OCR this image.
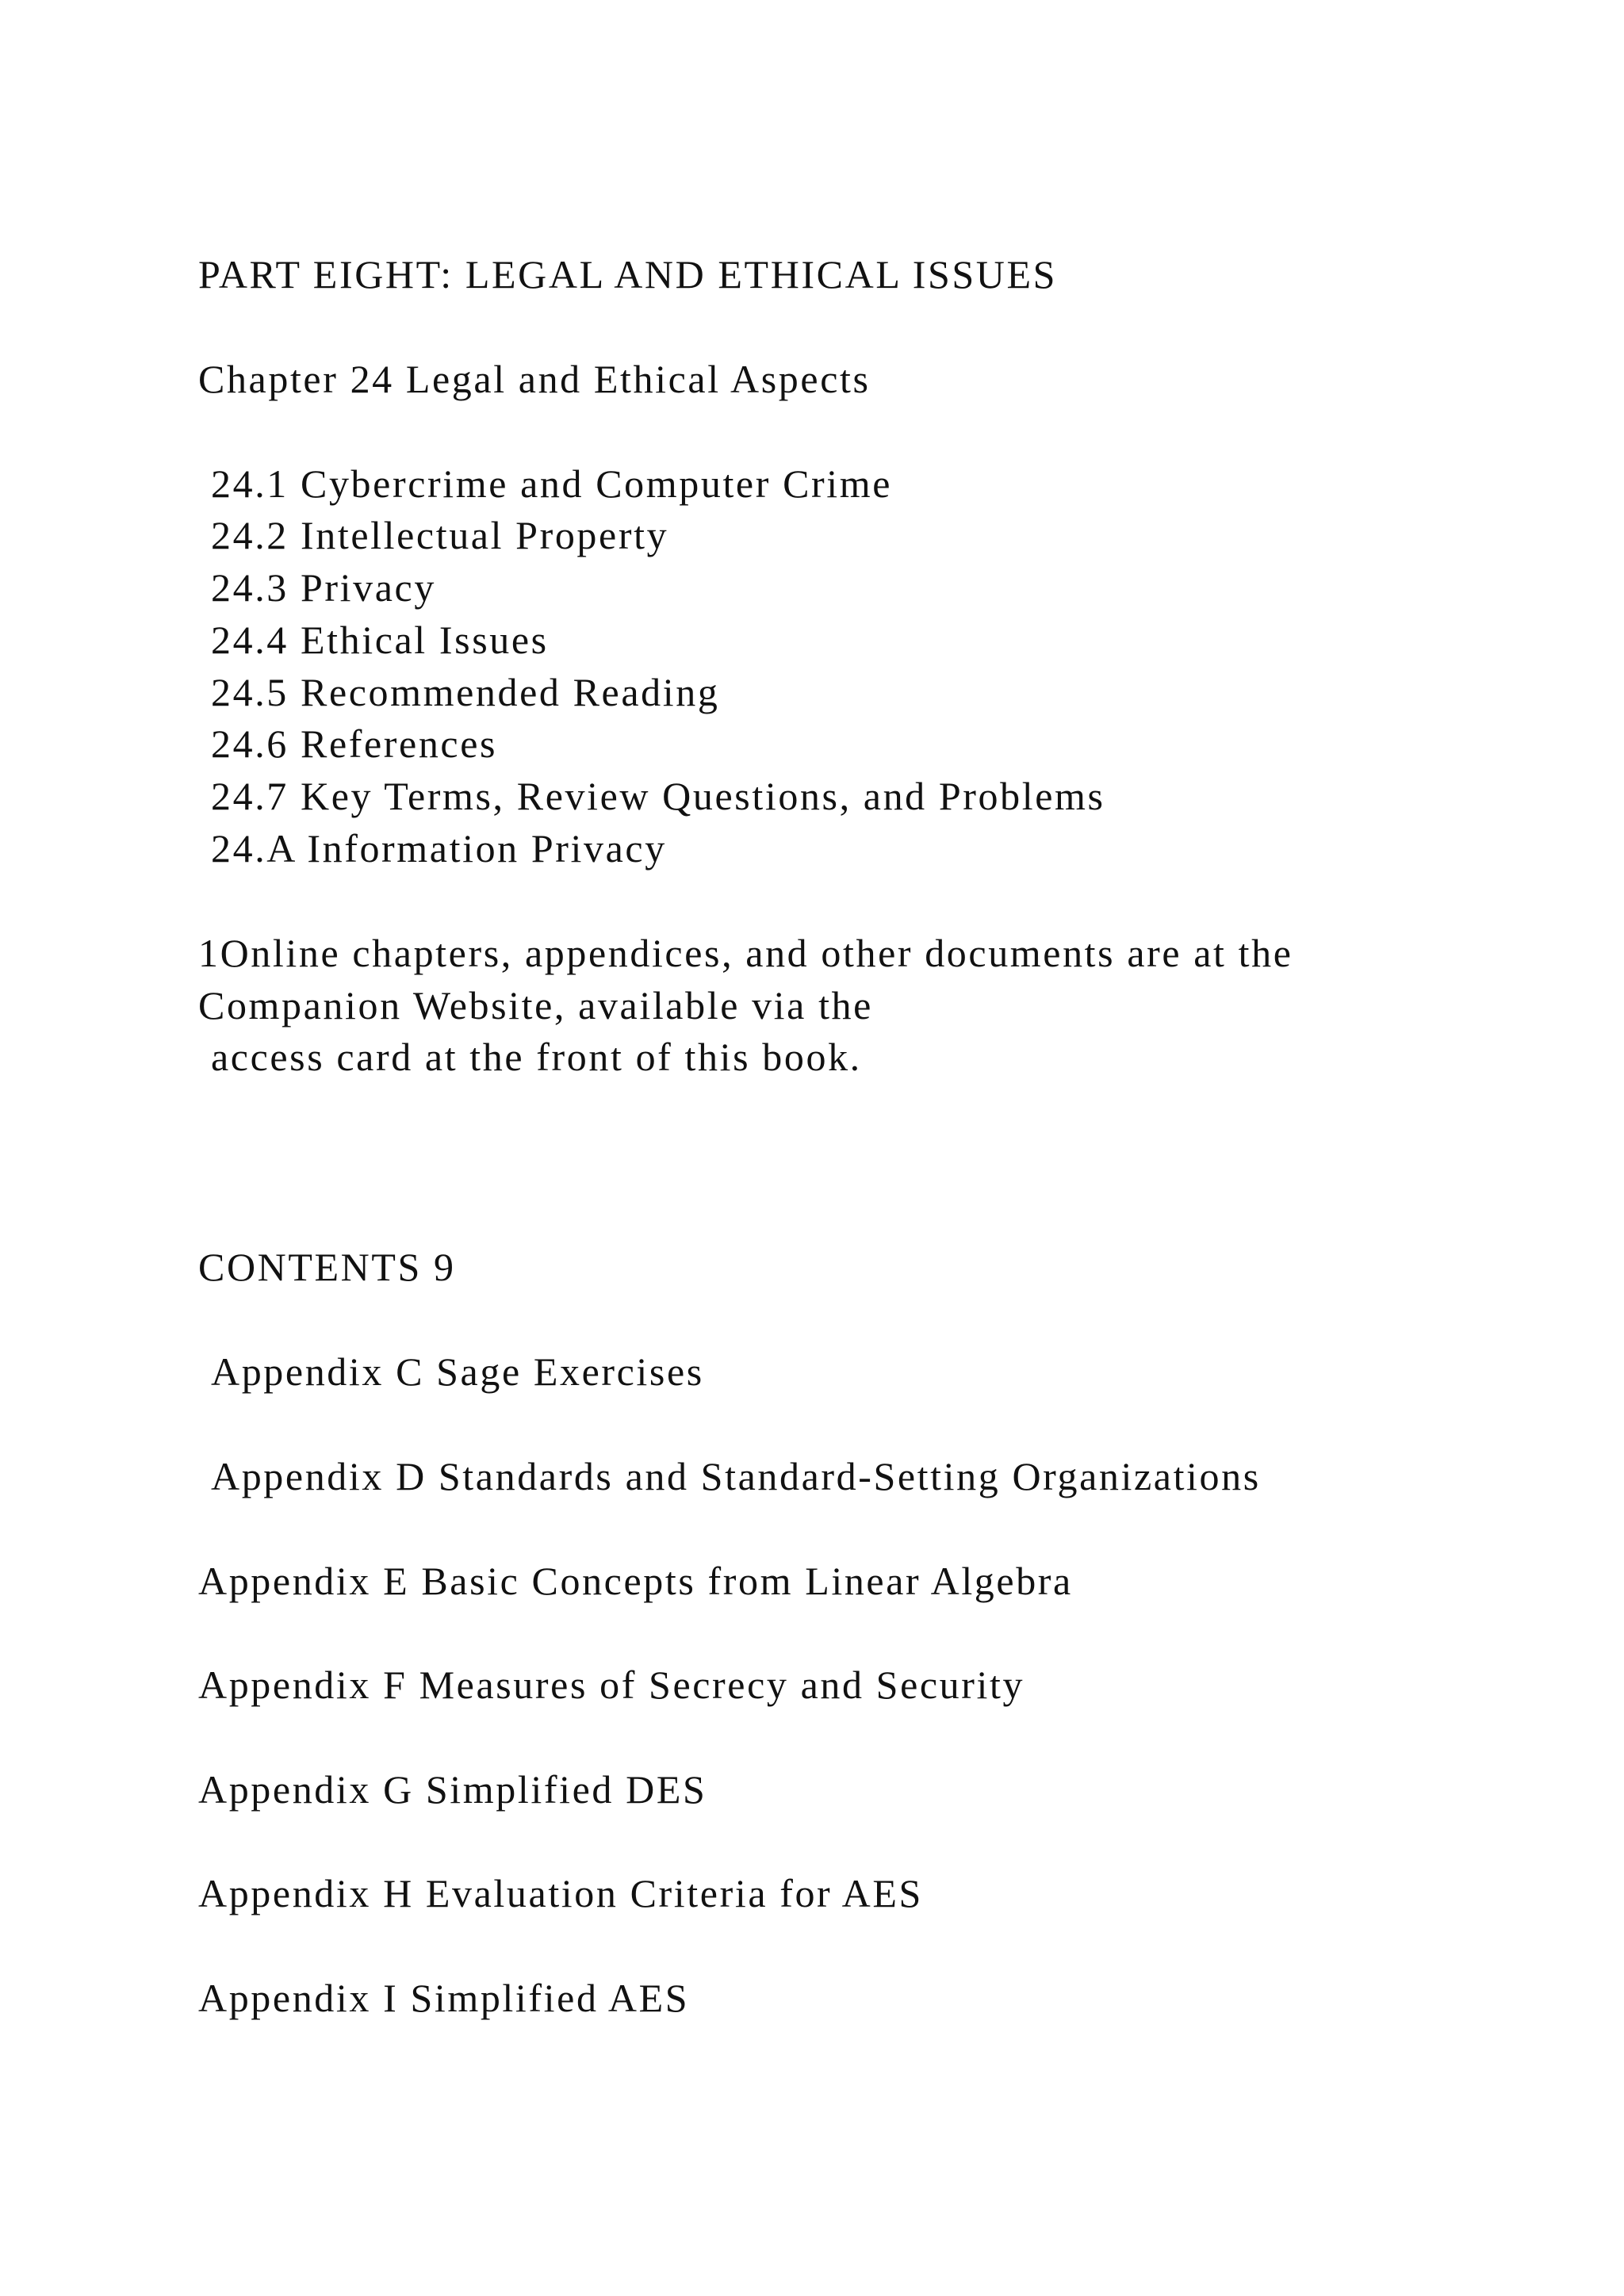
PART EIGHT: LEGAL AND ETHICAL ISSUES
Chapter 24 Legal and Ethical Aspects

24.1 Cybercrime and Computer Crime

24.2 Intellectual Property

24.3 Privacy

24.4 Ethical Issues

24.5 Recommended Reading

24.6 References

24.7 Key Terms, Review Questions, and Problems

24.A Information Privacy

1Online chapters, appendices, and other documents are at the

Companion Website, available via the

access card at the front of this book.

CONTENTS 9

Appendix C Sage Exercises

Appendix D Standards and Standard-Setting Organizations

Appendix E Basic Concepts from Linear Algebra

Appendix F Measures of Secrecy and Security

Appendix G Simplified DES

Appendix H Evaluation Criteria for AES

Appendix I Simplified AES
